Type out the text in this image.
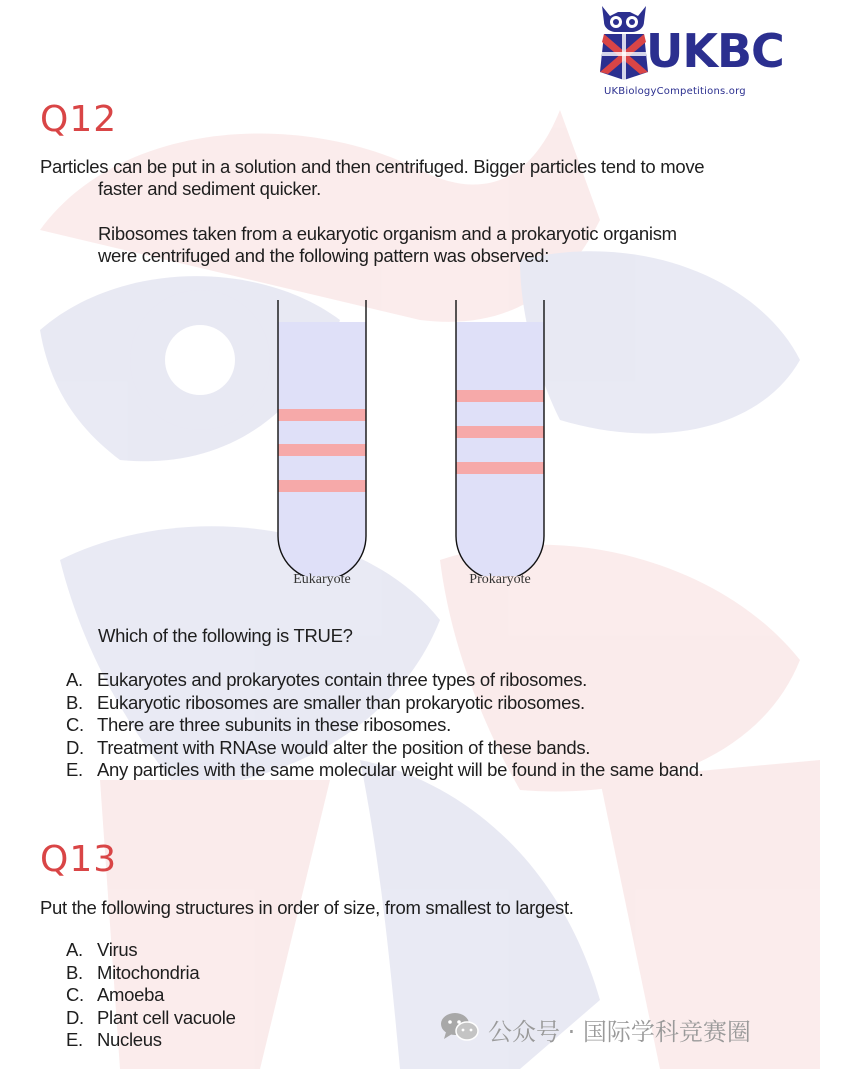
UKBC
UKBiologyCompetitions.org
Q12
Particles can be put in a solution and then centrifuged. Bigger particles tend to move
faster and sediment quicker.
Ribosomes taken from a eukaryotic organism and a prokaryotic organism
were centrifuged and the following pattern was observed:
Eukaryote	Prokaryote
Which of the following is TRUE?
A. Eukaryotes and prokaryotes contain three types of ribosomes.
B. Eukaryotic ribosomes are smaller than prokaryotic ribosomes.
C. There are three subunits in these ribosomes.
D. Treatment with RNAse would alter the position of these bands.
E. Any particles with the same molecular weight will be found in the same band.
Q13
Put the following structures in order of size, from smallest to largest.
A. Virus
B. Mitochondria
C. Amoeba
D. Plant cell vacuole
E. Nucleus	公众号 · 国际学科竞赛圈
